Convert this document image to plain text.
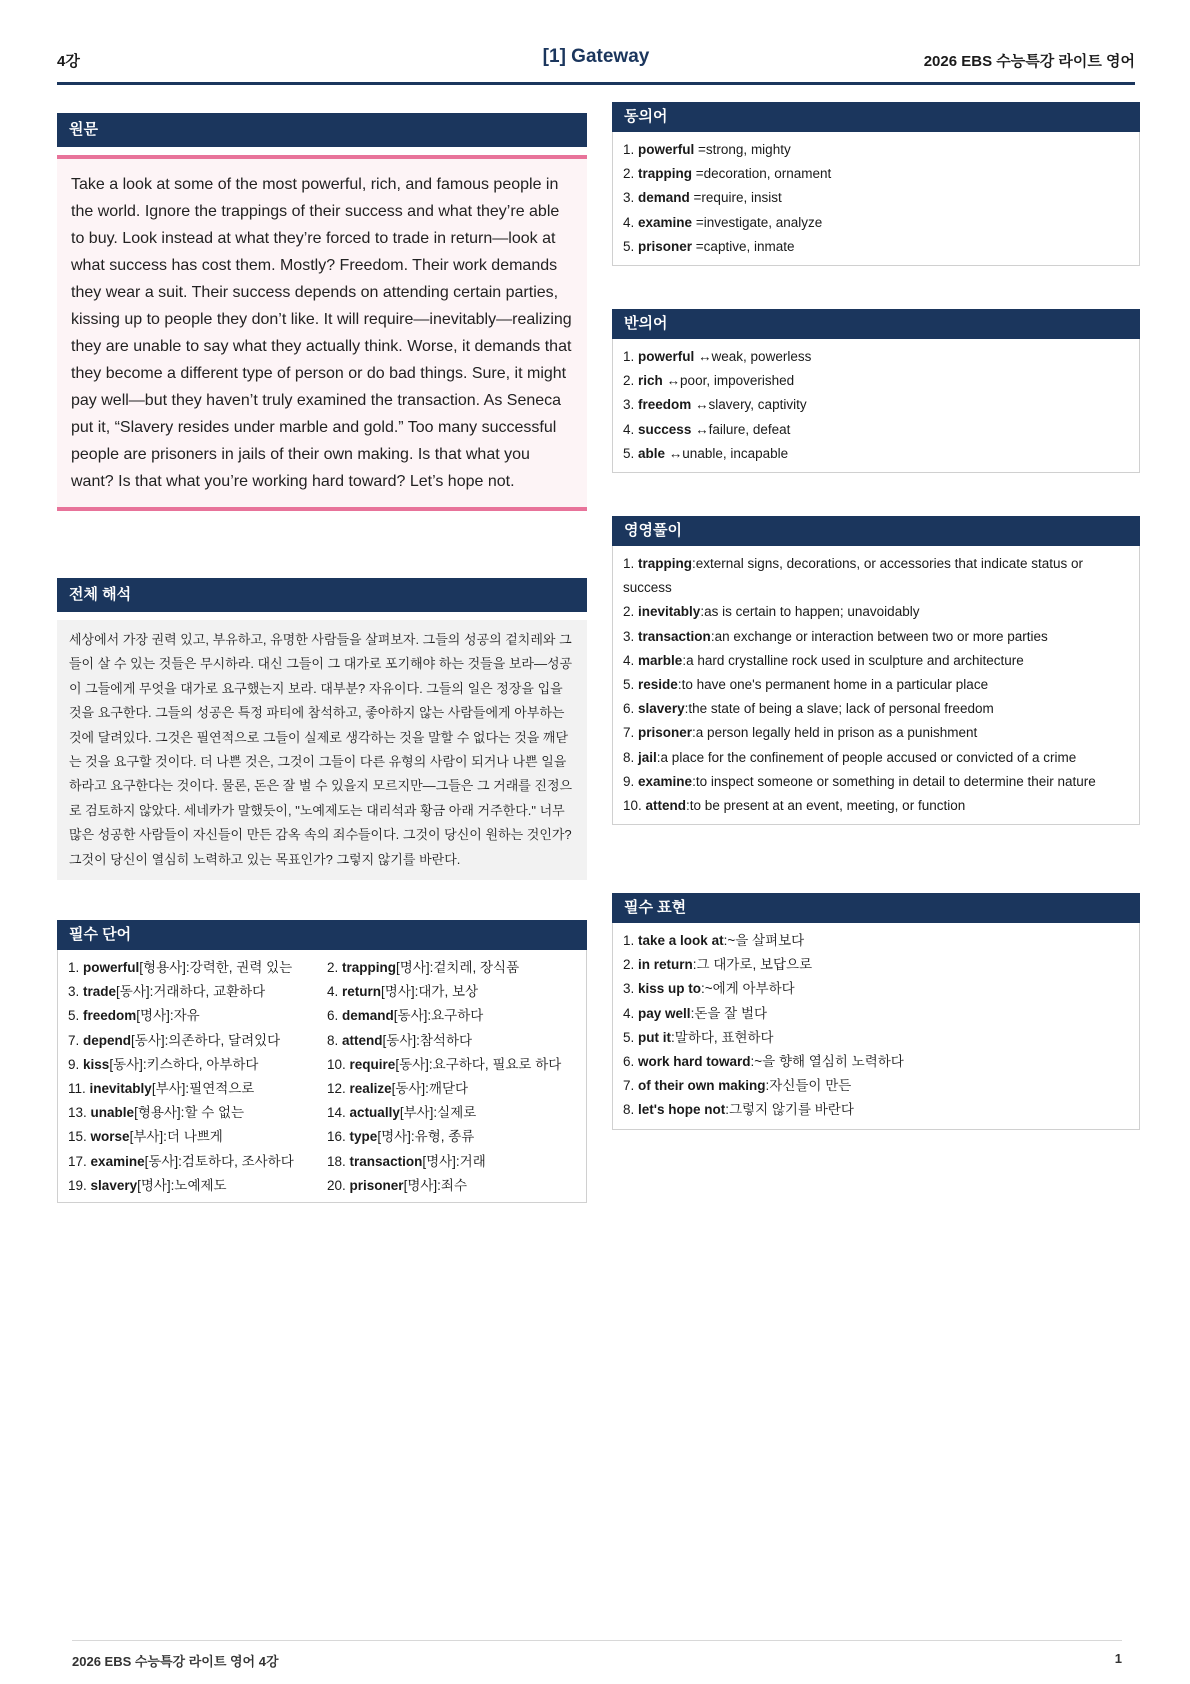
4강	[1] Gateway	2026 EBS 수능특강 라이트 영어
원문
Take a look at some of the most powerful, rich, and famous people in the world. Ignore the trappings of their success and what they’re able to buy. Look instead at what they’re forced to trade in return—look at what success has cost them. Mostly? Freedom. Their work demands they wear a suit. Their success depends on attending certain parties, kissing up to people they don’t like. It will require—inevitably—realizing they are unable to say what they actually think. Worse, it demands that they become a different type of person or do bad things. Sure, it might pay well—but they haven’t truly examined the transaction. As Seneca put it, “Slavery resides under marble and gold.” Too many successful people are prisoners in jails of their own making. Is that what you want? Is that what you’re working hard toward? Let’s hope not.
전체 해석
세상에서 가장 권력 있고, 부유하고, 유명한 사람들을 살펴보자. 그들의 성공의 겉치레와 그들이 살 수 있는 것들은 무시하라. 대신 그들이 그 대가로 포기해야 하는 것들을 보라—성공이 그들에게 무엇을 대가로 요구했는지 보라. 대부분? 자유이다. 그들의 일은 정장을 입을 것을 요구한다. 그들의 성공은 특정 파티에 참석하고, 좋아하지 않는 사람들에게 아부하는 것에 달려있다. 그것은 필연적으로 그들이 실제로 생각하는 것을 말할 수 없다는 것을 깨닫는 것을 요구할 것이다. 더 나쁜 것은, 그것이 그들이 다른 유형의 사람이 되거나 나쁜 일을 하라고 요구한다는 것이다. 물론, 돈은 잘 벌 수 있을지 모르지만—그들은 그 거래를 진정으로 검토하지 않았다. 세네카가 말했듯이, "노예제도는 대리석과 황금 아래 거주한다." 너무 많은 성공한 사람들이 자신들이 만든 감옥 속의 죄수들이다. 그것이 당신이 원하는 것인가? 그것이 당신이 열심히 노력하고 있는 목표인가? 그렇지 않기를 바란다.
필수 단어
1. powerful[형용사]:강력한, 권력 있는	2. trapping[명사]:겉치레, 장식품
3. trade[동사]:거래하다, 교환하다	4. return[명사]:대가, 보상
5. freedom[명사]:자유	6. demand[동사]:요구하다
7. depend[동사]:의존하다, 달려있다	8. attend[동사]:참석하다
9. kiss[동사]:키스하다, 아부하다	10. require[동사]:요구하다, 필요로 하다
11. inevitably[부사]:필연적으로	12. realize[동사]:깨닫다
13. unable[형용사]:할 수 없는	14. actually[부사]:실제로
15. worse[부사]:더 나쁘게	16. type[명사]:유형, 종류
17. examine[동사]:검토하다, 조사하다	18. transaction[명사]:거래
19. slavery[명사]:노예제도	20. prisoner[명사]:죄수
동의어
1. powerful =strong, mighty
2. trapping =decoration, ornament
3. demand =require, insist
4. examine =investigate, analyze
5. prisoner =captive, inmate
반의어
1. powerful ↔weak, powerless
2. rich ↔poor, impoverished
3. freedom ↔slavery, captivity
4. success ↔failure, defeat
5. able ↔unable, incapable
영영풀이
1. trapping:external signs, decorations, or accessories that indicate status or success
2. inevitably:as is certain to happen; unavoidably
3. transaction:an exchange or interaction between two or more parties
4. marble:a hard crystalline rock used in sculpture and architecture
5. reside:to have one's permanent home in a particular place
6. slavery:the state of being a slave; lack of personal freedom
7. prisoner:a person legally held in prison as a punishment
8. jail:a place for the confinement of people accused or convicted of a crime
9. examine:to inspect someone or something in detail to determine their nature
10. attend:to be present at an event, meeting, or function
필수 표현
1. take a look at:~을 살펴보다
2. in return:그 대가로, 보답으로
3. kiss up to:~에게 아부하다
4. pay well:돈을 잘 벌다
5. put it:말하다, 표현하다
6. work hard toward:~을 향해 열심히 노력하다
7. of their own making:자신들이 만든
8. let's hope not:그렇지 않기를 바란다
2026 EBS 수능특강 라이트 영어 4강	1
